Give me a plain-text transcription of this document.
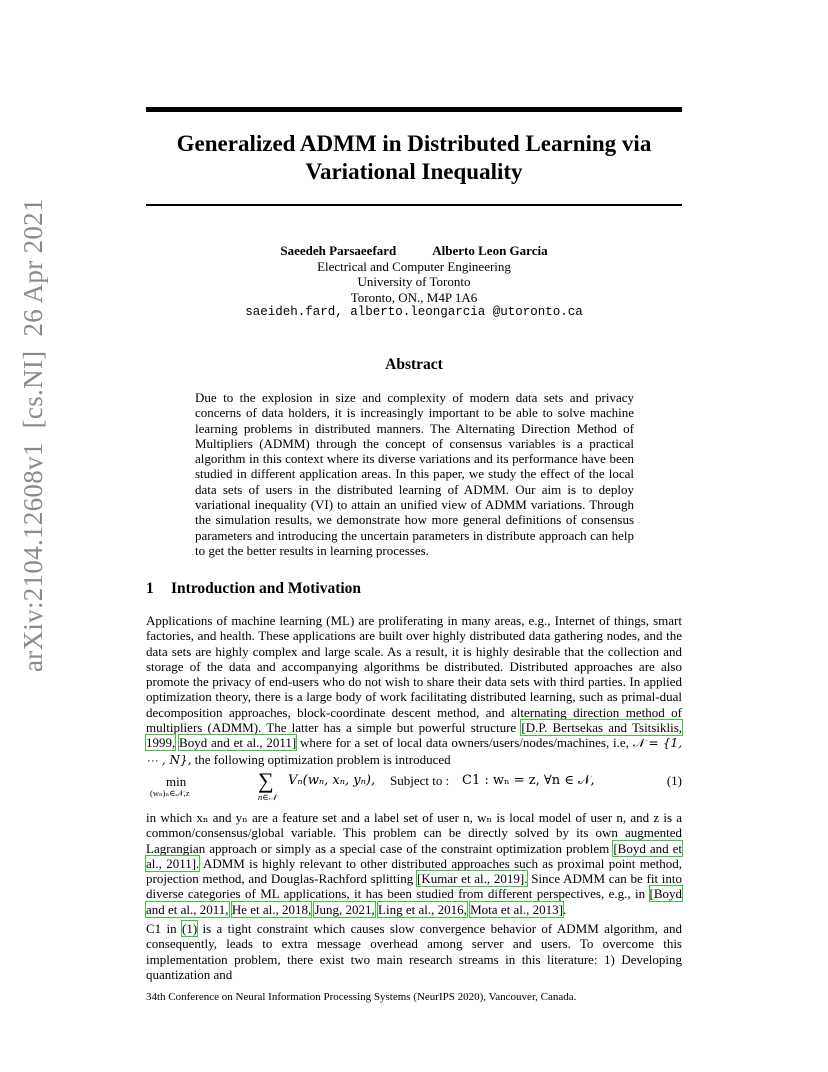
arXiv:2104.12608v1[cs.NI]26 Apr 2021
Generalized ADMM in Distributed Learning via
Variational Inequality
Saeedeh Parsaeefard	Alberto Leon Garcia
Electrical and Computer Engineering
University of Toronto
Toronto, ON., M4P 1A6
saeideh.fard, alberto.leongarcia @utoronto.ca
Abstract
Due to the explosion in size and complexity of modern data sets and privacy concerns of data holders, it is increasingly important to be able to solve machine learning problems in distributed manners. The Alternating Direction Method of Multipliers (ADMM) through the concept of consensus variables is a practical algorithm in this context where its diverse variations and its performance have been studied in different application areas. In this paper, we study the effect of the local data sets of users in the distributed learning of ADMM. Our aim is to deploy variational inequality (VI) to attain an unified view of ADMM variations. Through the simulation results, we demonstrate how more general definitions of consensus parameters and introducing the uncertain parameters in distribute approach can help to get the better results in learning processes.
1 Introduction and Motivation
Applications of machine learning (ML) are proliferating in many areas, e.g., Internet of things, smart factories, and health. These applications are built over highly distributed data gathering nodes, and the data sets are highly complex and large scale. As a result, it is highly desirable that the collection and storage of the data and accompanying algorithms be distributed. Distributed approaches are also promote the privacy of end-users who do not wish to share their data sets with third parties. In applied optimization theory, there is a large body of work facilitating distributed learning, such as primal-dual decomposition approaches, block-coordinate descent method, and alternating direction method of multipliers (ADMM). The latter has a simple but powerful structure [D.P. Bertsekas and Tsitsiklis, 1999, Boyd and et al., 2011] where for a set of local data owners/users/nodes/machines, i.e, 𝒩 = {1, ⋯ , N}, the following optimization problem is introduced
min
(wₙ)ₙ∈𝒩,z	∑
n∈𝒩
Vₙ(wₙ, xₙ, yₙ), Subject to : C1 : wₙ = z, ∀n ∈ 𝒩,	(1)
in which xₙ and yₙ are a feature set and a label set of user n, wₙ is local model of user n, and z is a common/consensus/global variable. This problem can be directly solved by its own augmented Lagrangian approach or simply as a special case of the constraint optimization problem [Boyd and et al., 2011]. ADMM is highly relevant to other distributed approaches such as proximal point method, projection method, and Douglas-Rachford splitting [Kumar et al., 2019]. Since ADMM can be fit into diverse categories of ML applications, it has been studied from different perspectives, e.g., in [Boyd and et al., 2011, He et al., 2018, Jung, 2021, Ling et al., 2016, Mota et al., 2013].
C1 in (1) is a tight constraint which causes slow convergence behavior of ADMM algorithm, and consequently, leads to extra message overhead among server and users. To overcome this implementation problem, there exist two main research streams in this literature: 1) Developing quantization and
34th Conference on Neural Information Processing Systems (NeurIPS 2020), Vancouver, Canada.
